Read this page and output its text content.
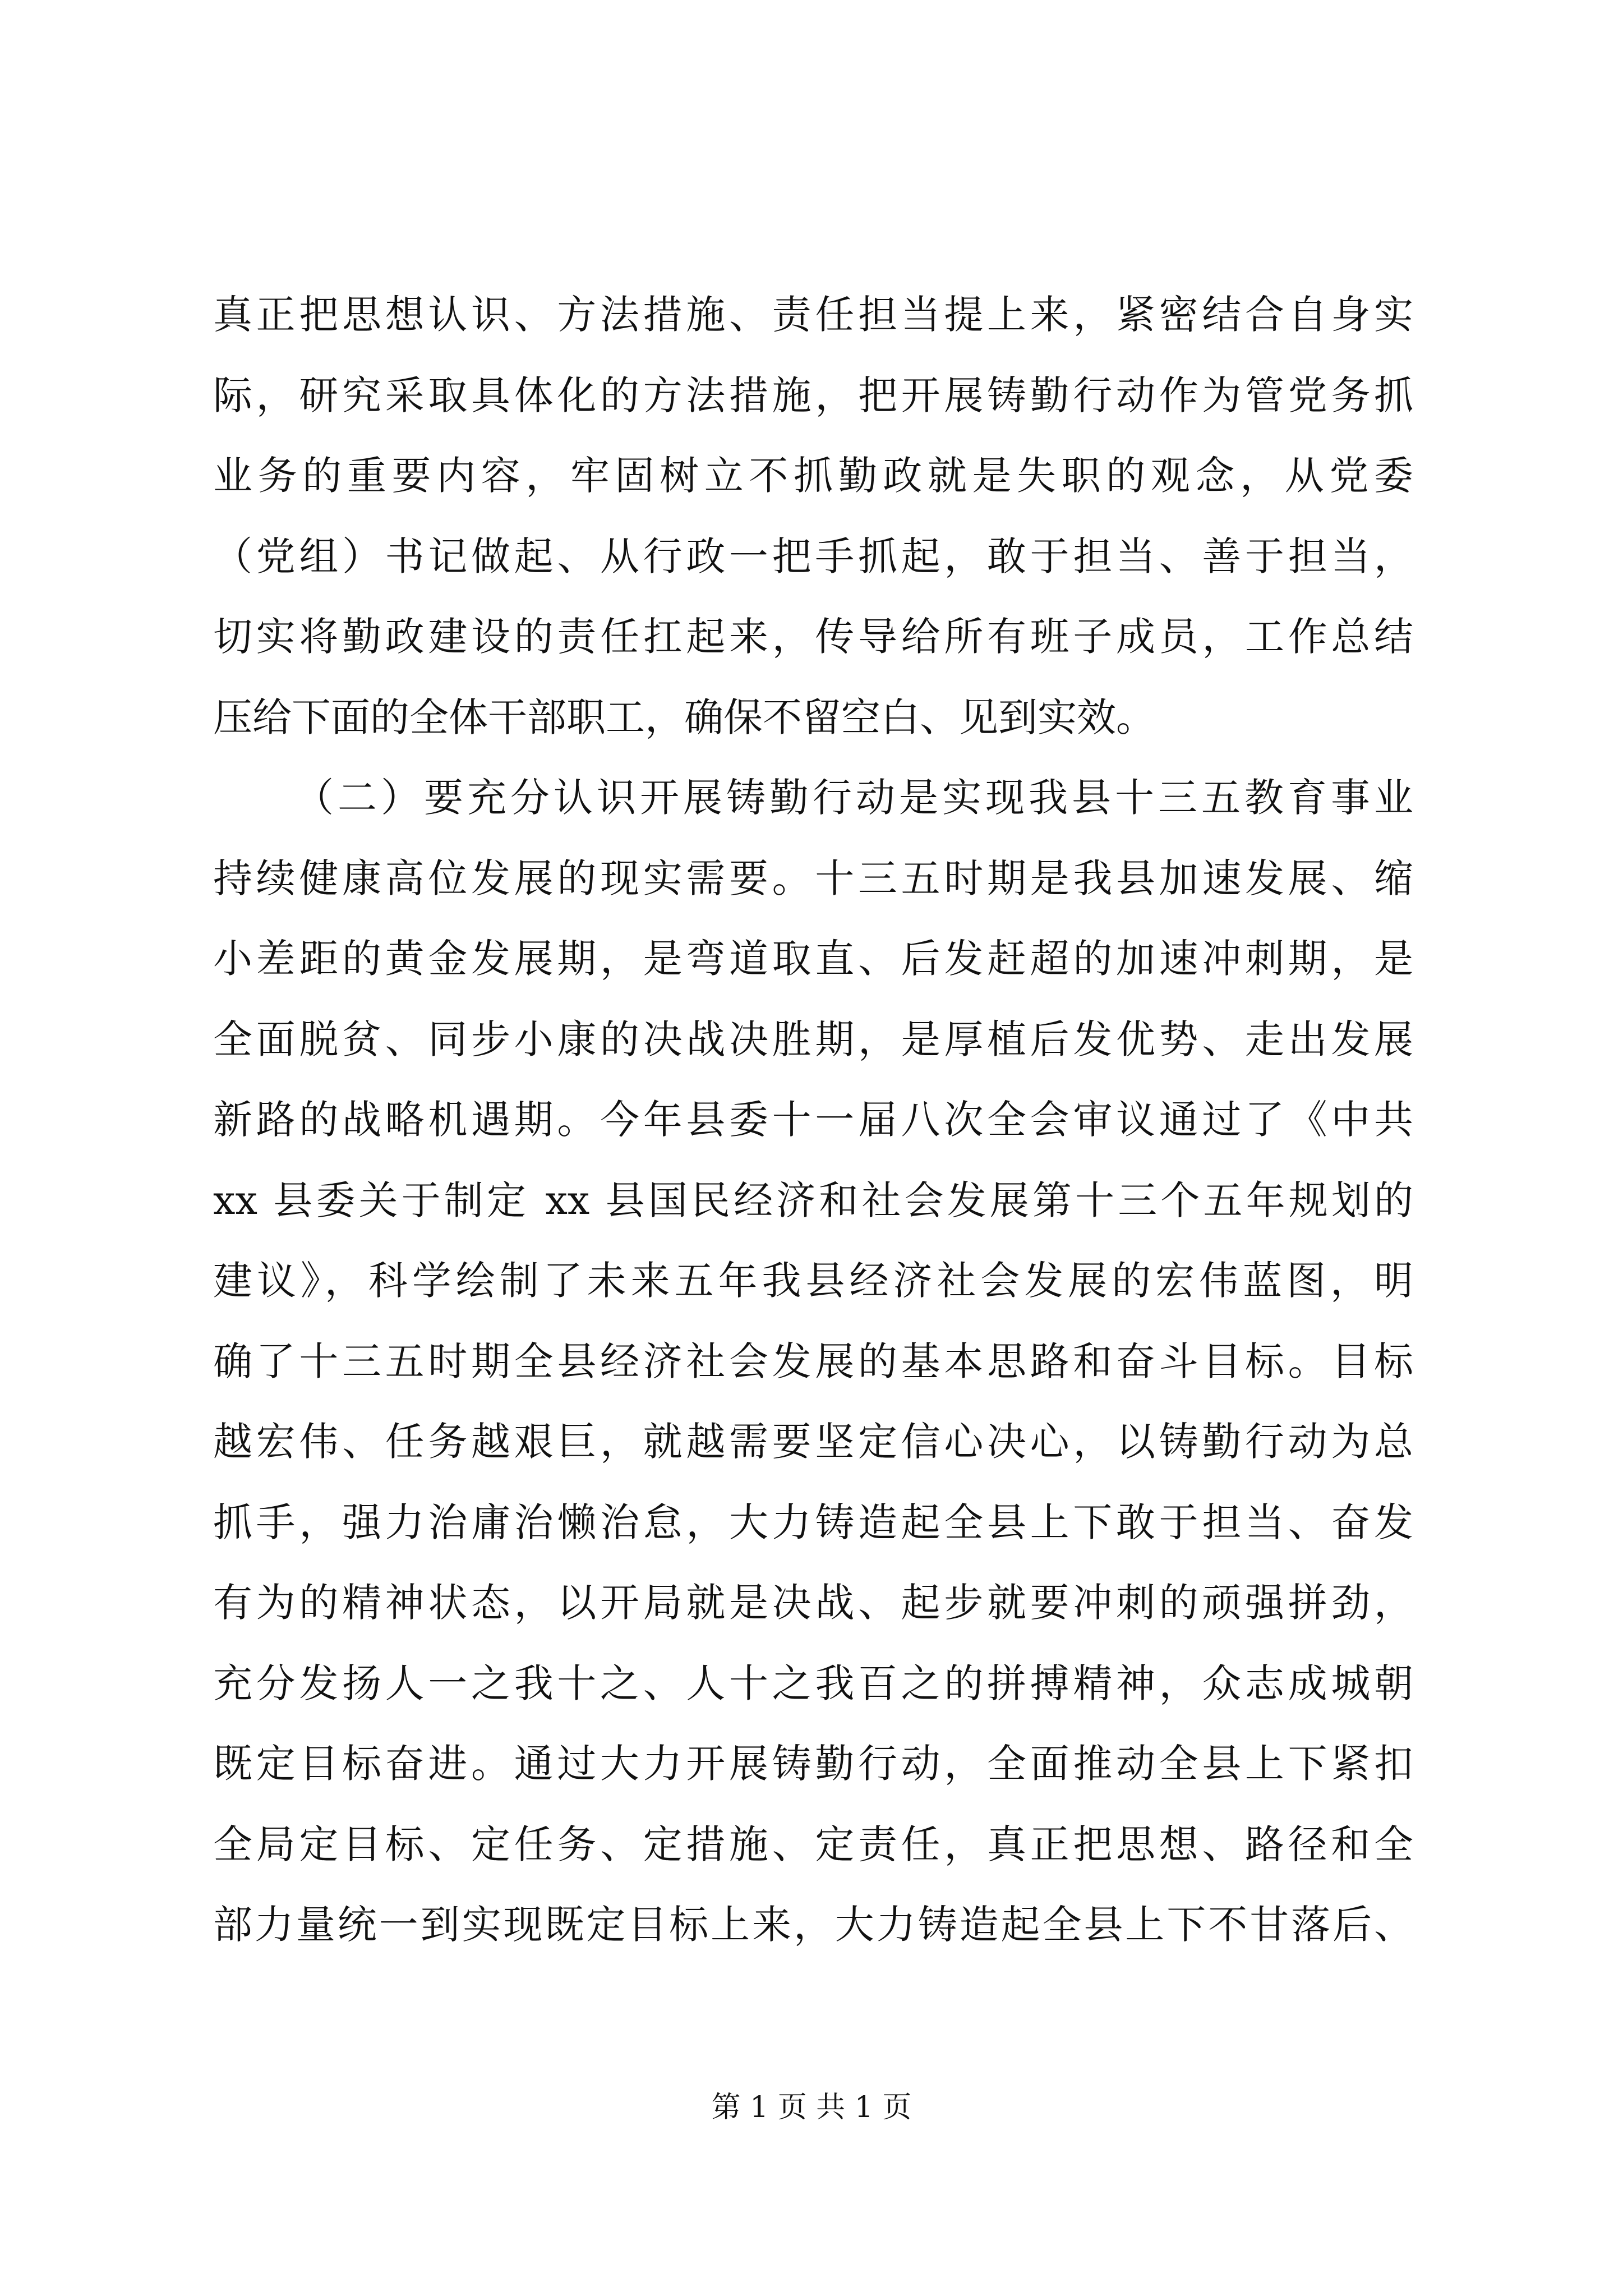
真正把思想认识、方法措施、责任担当提上来，紧密结合自身实
际，研究采取具体化的方法措施，把开展铸勤行动作为管党务抓
业务的重要内容，牢固树立不抓勤政就是失职的观念，从党委
（党组）书记做起、从行政一把手抓起，敢于担当、善于担当，
切实将勤政建设的责任扛起来，传导给所有班子成员，工作总结
压给下面的全体干部职工，确保不留空白、见到实效。
（二）要充分认识开展铸勤行动是实现我县十三五教育事业
持续健康高位发展的现实需要。十三五时期是我县加速发展、缩
小差距的黄金发展期，是弯道取直、后发赶超的加速冲刺期，是
全面脱贫、同步小康的决战决胜期，是厚植后发优势、走出发展
新路的战略机遇期。今年县委十一届八次全会审议通过了《中共
xx 县委关于制定 xx 县国民经济和社会发展第十三个五年规划的
建议》，科学绘制了未来五年我县经济社会发展的宏伟蓝图，明
确了十三五时期全县经济社会发展的基本思路和奋斗目标。目标
越宏伟、任务越艰巨，就越需要坚定信心决心，以铸勤行动为总
抓手，强力治庸治懒治怠，大力铸造起全县上下敢于担当、奋发
有为的精神状态，以开局就是决战、起步就要冲刺的顽强拼劲，
充分发扬人一之我十之、人十之我百之的拼搏精神，众志成城朝
既定目标奋进。通过大力开展铸勤行动，全面推动全县上下紧扣
全局定目标、定任务、定措施、定责任，真正把思想、路径和全
部力量统一到实现既定目标上来，大力铸造起全县上下不甘落后、
第 1 页 共 1 页
